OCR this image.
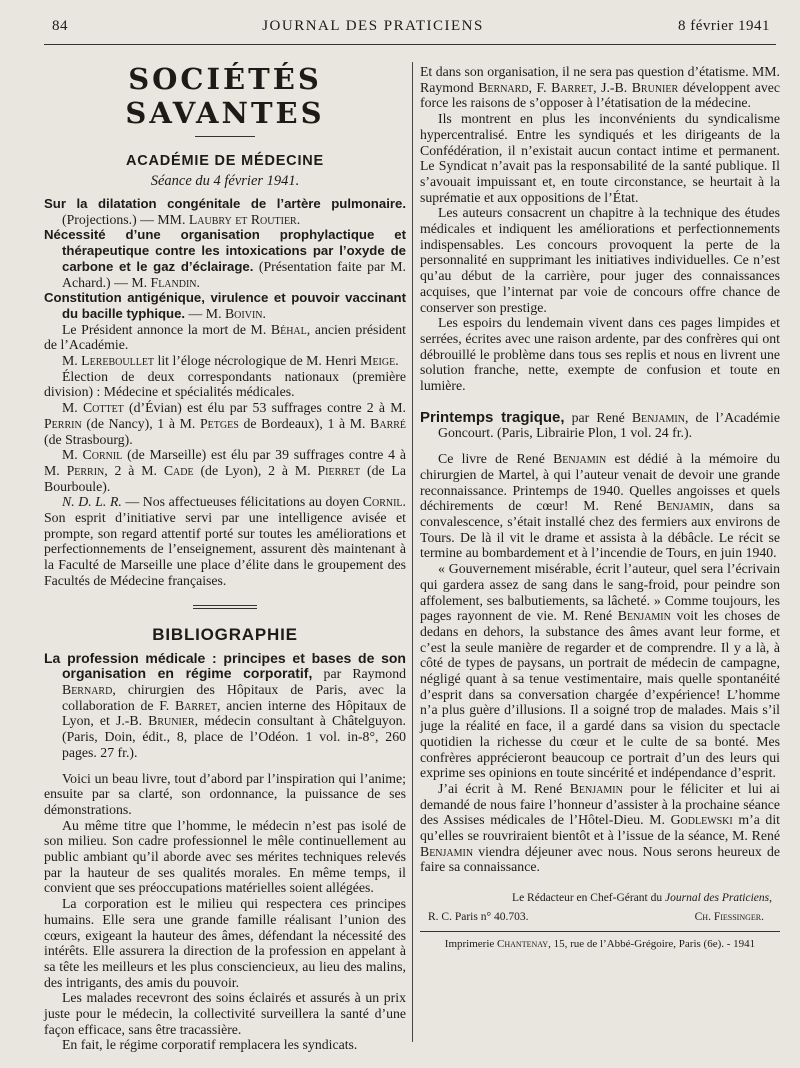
84	JOURNAL DES PRATICIENS	8 février 1941
SOCIÉTÉS SAVANTES
ACADÉMIE DE MÉDECINE
Séance du 4 février 1941.

Sur la dilatation congénitale de l’artère pulmonaire. (Projections.) — MM. Laubry et Routier.

Nécessité d’une organisation prophylactique et thérapeutique contre les intoxications par l’oxyde de carbone et le gaz d’éclairage. (Présentation faite par M. Achard.) — M. Flandin.

Constitution antigénique, virulence et pouvoir vaccinant du bacille typhique. — M. Boivin.

Le Président annonce la mort de M. Béhal, ancien président de l’Académie.

M. Lereboullet lit l’éloge nécrologique de M. Henri Meige.

Élection de deux correspondants nationaux (première division) : Médecine et spécialités médicales.

M. Cottet (d’Évian) est élu par 53 suffrages contre 2 à M. Perrin (de Nancy), 1 à M. Petges de Bordeaux), 1 à M. Barré (de Strasbourg).

M. Cornil (de Marseille) est élu par 39 suffrages contre 4 à M. Perrin, 2 à M. Cade (de Lyon), 2 à M. Pierret (de La Bourboule).

N. D. L. R. — Nos affectueuses félicitations au doyen Cornil. Son esprit d’initiative servi par une intelligence avisée et prompte, son regard attentif porté sur toutes les améliorations et perfectionnements de l’enseignement, assurent dès maintenant à la Faculté de Marseille une place d’élite dans le groupement des Facultés de Médecine françaises.

BIBLIOGRAPHIE

La profession médicale : principes et bases de son organisation en régime corporatif, par Raymond Bernard, chirurgien des Hôpitaux de Paris, avec la collaboration de F. Barret, ancien interne des Hôpitaux de Lyon, et J.-B. Brunier, médecin consultant à Châtelguyon. (Paris, Doin, édit., 8, place de l’Odéon. 1 vol. in-8°, 260 pages. 27 fr.).

Voici un beau livre, tout d’abord par l’inspiration qui l’anime; ensuite par sa clarté, son ordonnance, la puissance de ses démonstrations.

Au même titre que l’homme, le médecin n’est pas isolé de son milieu. Son cadre professionnel le mêle continuellement au public ambiant qu’il aborde avec ses mérites techniques relevés par la hauteur de ses qualités morales. En même temps, il convient que ses préoccupations matérielles soient allégées.

La corporation est le milieu qui respectera ces principes humains. Elle sera une grande famille réalisant l’union des cœurs, exigeant la hauteur des âmes, défendant la nécessité des intérêts. Elle assurera la direction de la profession en appelant à sa tête les meilleurs et les plus consciencieux, au lieu des malins, des intrigants, des amis du pouvoir.

Les malades recevront des soins éclairés et assurés à un prix juste pour le médecin, la collectivité surveillera la santé d’une façon efficace, sans être tracassière.

En fait, le régime corporatif remplacera les syndicats.

Et dans son organisation, il ne sera pas question d’étatisme. MM. Raymond Bernard, F. Barret, J.-B. Brunier développent avec force les raisons de s’opposer à l’étatisation de la médecine.

Ils montrent en plus les inconvénients du syndicalisme hypercentralisé. Entre les syndiqués et les dirigeants de la Confédération, il n’existait aucun contact intime et permanent. Le Syndicat n’avait pas la responsabilité de la santé publique. Il s’avouait impuissant et, en toute circonstance, se heurtait à la suprématie et aux oppositions de l’État.

Les auteurs consacrent un chapitre à la technique des études médicales et indiquent les améliorations et perfectionnements indispensables. Les concours provoquent la perte de la personnalité en supprimant les initiatives individuelles. Ce n’est qu’au début de la carrière, pour juger des connaissances acquises, que l’internat par voie de concours offre chance de conserver son prestige.

Les espoirs du lendemain vivent dans ces pages limpides et serrées, écrites avec une raison ardente, par des confrères qui ont débrouillé le problème dans tous ses replis et nous en livrent une solution franche, nette, exempte de confusion et toute en lumière.

Printemps tragique, par René Benjamin, de l’Académie Goncourt. (Paris, Librairie Plon, 1 vol. 24 fr.).

Ce livre de René Benjamin est dédié à la mémoire du chirurgien de Martel, à qui l’auteur venait de devoir une grande reconnaissance. Printemps de 1940. Quelles angoisses et quels déchirements de cœur! M. René Benjamin, dans sa convalescence, s’était installé chez des fermiers aux environs de Tours. De là il vit le drame et assista à la débâcle. Le récit se termine au bombardement et à l’incendie de Tours, en juin 1940.

« Gouvernement misérable, écrit l’auteur, quel sera l’écrivain qui gardera assez de sang dans le sang-froid, pour peindre son affolement, ses balbutiements, sa lâcheté. » Comme toujours, les pages rayonnent de vie. M. René Benjamin voit les choses de dedans en dehors, la substance des âmes avant leur forme, et c’est la seule manière de regarder et de comprendre. Il y a là, à côté de types de paysans, un portrait de médecin de campagne, négligé quant à sa tenue vestimentaire, mais quelle spontanéité d’esprit dans sa conversation chargée d’expérience! L’homme n’a plus guère d’illusions. Il a soigné trop de malades. Mais s’il juge la réalité en face, il a gardé dans sa vision du spectacle quotidien la richesse du cœur et le culte de sa bonté. Mes confrères apprécieront beaucoup ce portrait d’un des leurs qui exprime ses opinions en toute sincérité et indépendance d’esprit.

J’ai écrit à M. René Benjamin pour le féliciter et lui ai demandé de nous faire l’honneur d’assister à la prochaine séance des Assises médicales de l’Hôtel-Dieu. M. Godlewski m’a dit qu’elles se rouvriraient bientôt et à l’issue de la séance, M. René Benjamin viendra déjeuner avec nous. Nous serons heureux de faire sa connaissance.

Le Rédacteur en Chef-Gérant du Journal des Praticiens,
R. C. Paris n° 40.703.	Ch. Fiessinger.
Imprimerie Chantenay, 15, rue de l’Abbé-Grégoire, Paris (6e). - 1941
